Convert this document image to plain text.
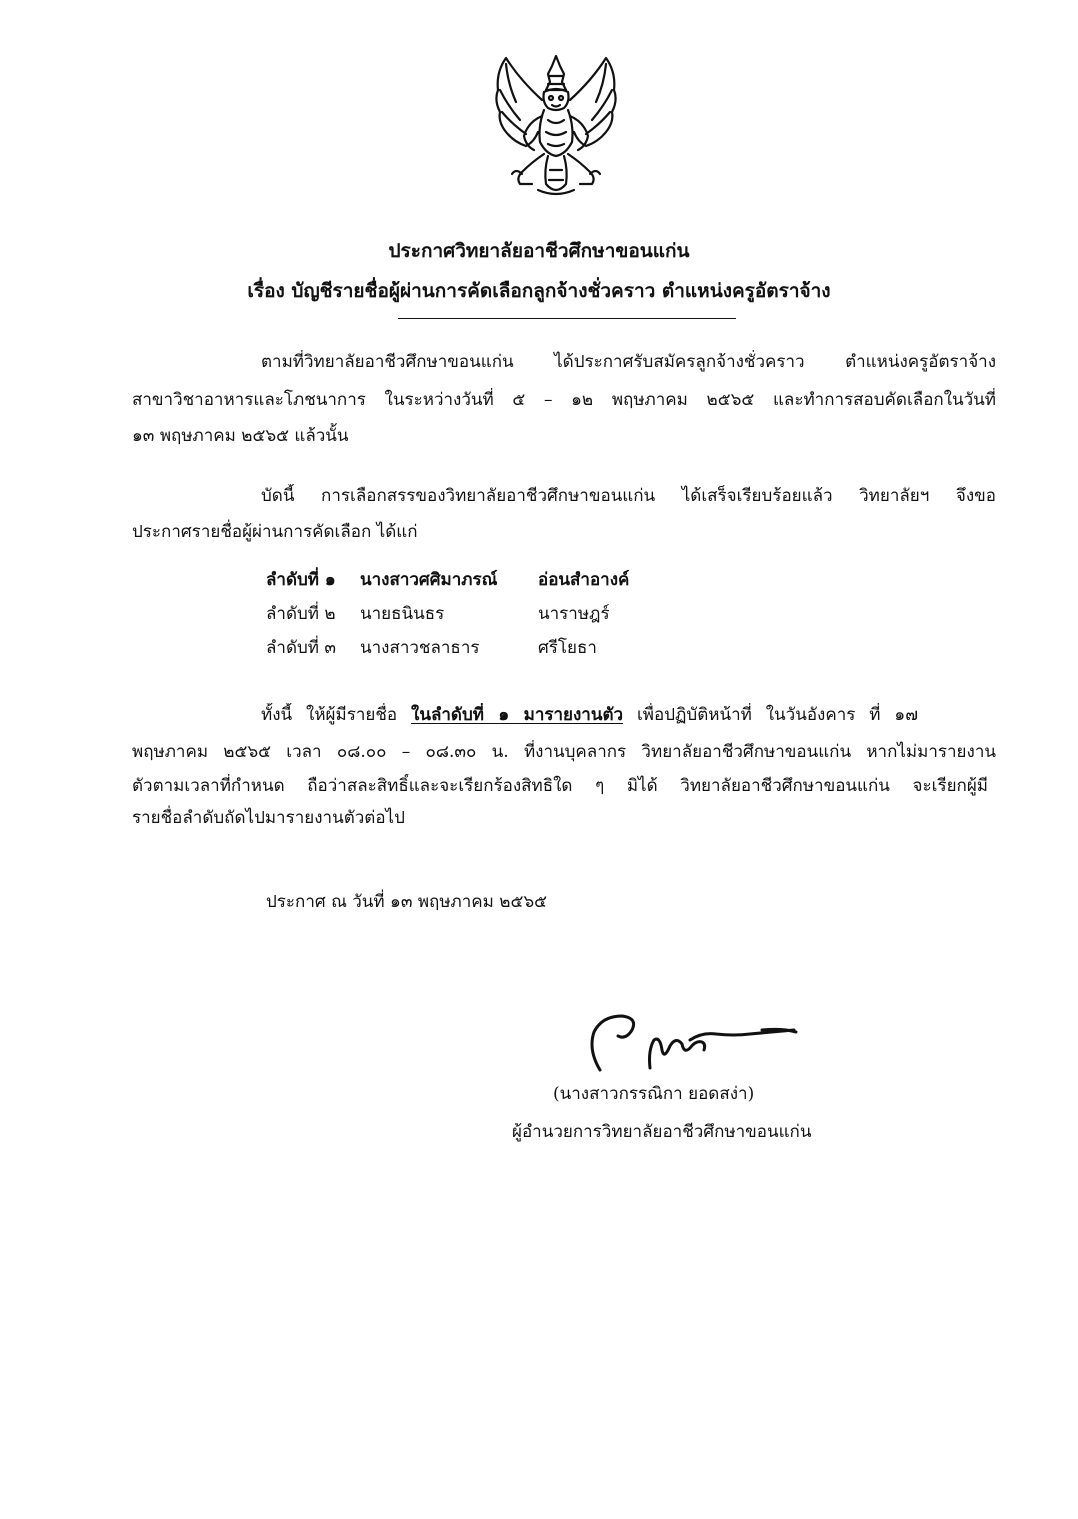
ประกาศวิทยาลัยอาชีวศึกษาขอนแก่น
เรื่อง บัญชีรายชื่อผู้ผ่านการคัดเลือกลูกจ้างชั่วคราว ตำแหน่งครูอัตราจ้าง
ตามที่วิทยาลัยอาชีวศึกษาขอนแก่น ได้ประกาศรับสมัครลูกจ้างชั่วคราว ตำแหน่งครูอัตราจ้าง
สาขาวิชาอาหารและโภชนาการ ในระหว่างวันที่ ๕ – ๑๒ พฤษภาคม ๒๕๖๕ และทำการสอบคัดเลือกในวันที่
๑๓ พฤษภาคม ๒๕๖๕ แล้วนั้น
บัดนี้ การเลือกสรรของวิทยาลัยอาชีวศึกษาขอนแก่น ได้เสร็จเรียบร้อยแล้ว วิทยาลัยฯ จึงขอ
ประกาศรายชื่อผู้ผ่านการคัดเลือก ได้แก่
ลำดับที่ ๑ นางสาวศศิมาภรณ์ อ่อนสำอางค์
ลำดับที่ ๒ นายธนินธร	นาราษฎร์
ลำดับที่ ๓ นางสาวชลาธาร	ศรีโยธา
ทั้งนี้ ให้ผู้มีรายชื่อ ในลำดับที่ ๑ มารายงานตัว เพื่อปฏิบัติหน้าที่ ในวันอังคาร ที่ ๑๗
พฤษภาคม ๒๕๖๕ เวลา ๐๘.๐๐ – ๐๘.๓๐ น. ที่งานบุคลากร วิทยาลัยอาชีวศึกษาขอนแก่น หากไม่มารายงาน
ตัวตามเวลาที่กำหนด ถือว่าสละสิทธิ์และจะเรียกร้องสิทธิใด ๆ มิได้ วิทยาลัยอาชีวศึกษาขอนแก่น จะเรียกผู้มี
รายชื่อลำดับถัดไปมารายงานตัวต่อไป
ประกาศ ณ วันที่ ๑๓ พฤษภาคม ๒๕๖๕
(นางสาวกรรณิกา ยอดสง่า)
ผู้อำนวยการวิทยาลัยอาชีวศึกษาขอนแก่น
